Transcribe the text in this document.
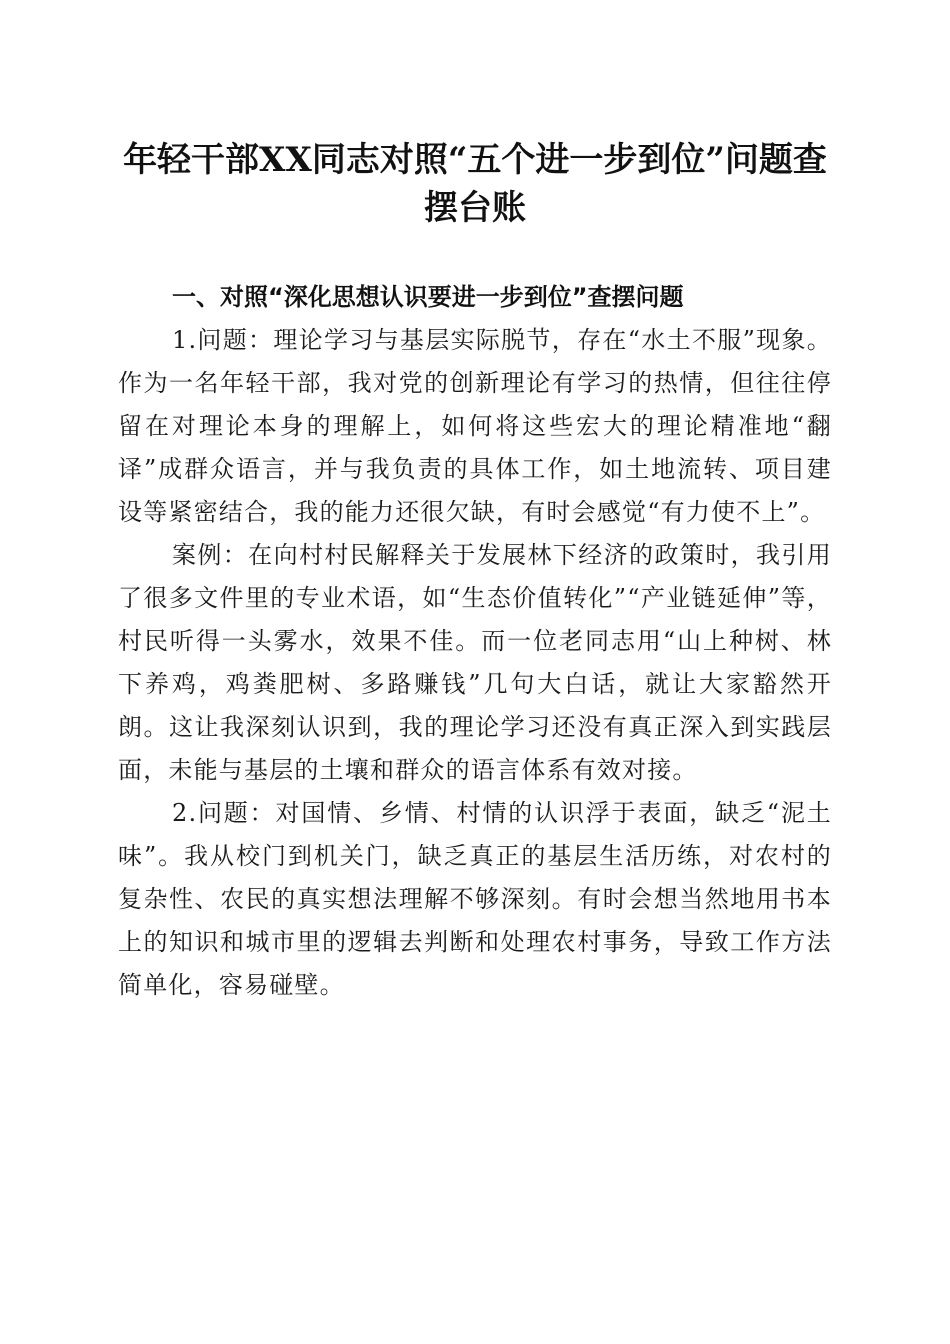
年轻干部XX同志对照“五个进一步到位”问题查摆台账
一、对照“深化思想认识要进一步到位”查摆问题

1.问题：理论学习与基层实际脱节，存在“水土不服”现象。作为一名年轻干部，我对党的创新理论有学习的热情，但往往停留在对理论本身的理解上，如何将这些宏大的理论精准地“翻译”成群众语言，并与我负责的具体工作，如土地流转、项目建设等紧密结合，我的能力还很欠缺，有时会感觉“有力使不上”。

案例：在向村村民解释关于发展林下经济的政策时，我引用了很多文件里的专业术语，如“生态价值转化”“产业链延伸”等，村民听得一头雾水，效果不佳。而一位老同志用“山上种树、林下养鸡，鸡粪肥树、多路赚钱”几句大白话，就让大家豁然开朗。这让我深刻认识到，我的理论学习还没有真正深入到实践层面，未能与基层的土壤和群众的语言体系有效对接。

2.问题：对国情、乡情、村情的认识浮于表面，缺乏“泥土味”。我从校门到机关门，缺乏真正的基层生活历练，对农村的复杂性、农民的真实想法理解不够深刻。有时会想当然地用书本上的知识和城市里的逻辑去判断和处理农村事务，导致工作方法简单化，容易碰壁。
